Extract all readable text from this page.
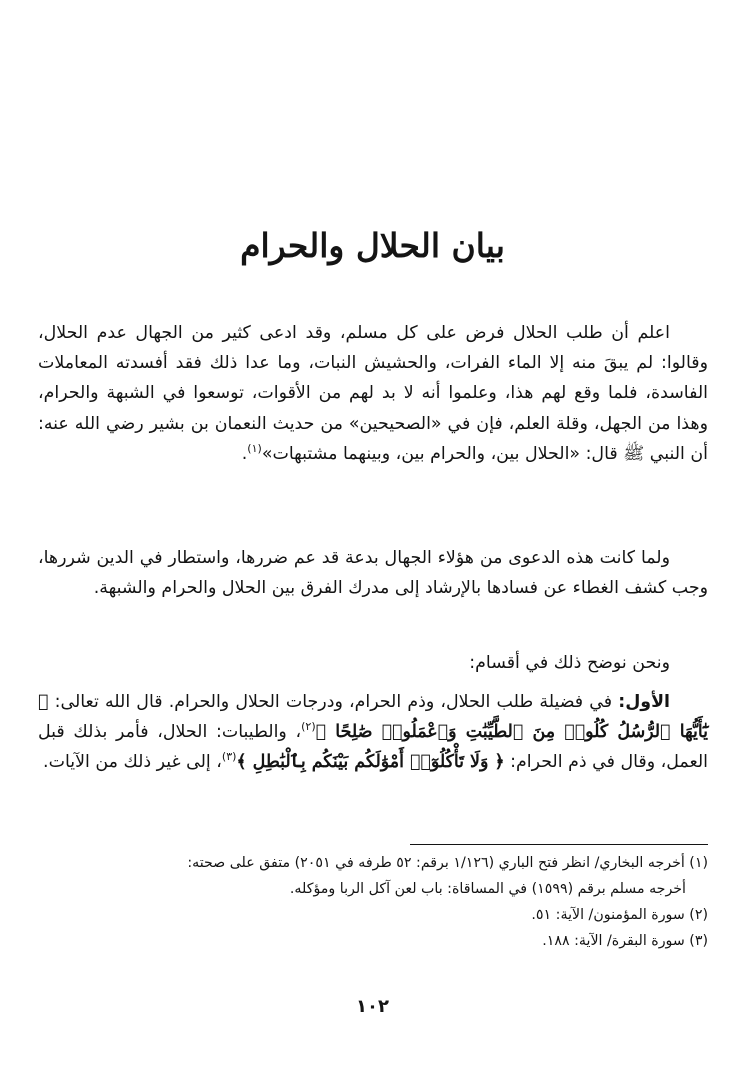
بيان الحلال والحرام

اعلم أن طلب الحلال فرض على كل مسلم، وقد ادعى كثير من الجهال عدم الحلال، وقالوا: لم يبقَ منه إلا الماء الفرات، والحشيش النبات، وما عدا ذلك فقد أفسدته المعاملات الفاسدة، فلما وقع لهم هذا، وعلموا أنه لا بد لهم من الأقوات، توسعوا في الشبهة والحرام، وهذا من الجهل، وقلة العلم، فإن في «الصحيحين» من حديث النعمان بن بشير رضي الله عنه: أن النبي ﷺ قال: «الحلال بين، والحرام بين، وبينهما مشتبهات»$^{(١)}$.

ولما كانت هذه الدعوى من هؤلاء الجهال بدعة قد عم ضررها، واستطار في الدين شررها، وجب كشف الغطاء عن فسادها بالإرشاد إلى مدرك الفرق بين الحلال والحرام والشبهة.

ونحن نوضح ذلك في أقسام:

الأول: في فضيلة طلب الحلال، وذم الحرام، ودرجات الحلال والحرام. قال الله تعالى: ﴿ يَٰٓأَيُّهَا ٱلرُّسُلُ كُلُوا۟ مِنَ ٱلطَّيِّبَٰتِ وَٱعْمَلُوا۟ صَٰلِحًا ﴾$^{(٢)}$، والطيبات: الحلال، فأمر بذلك قبل العمل، وقال في ذم الحرام: ﴿ وَلَا تَأْكُلُوٓا۟ أَمْوَٰلَكُم بَيْنَكُم بِٱلْبَٰطِلِ ﴾$^{(٣)}$، إلى غير ذلك من الآيات.

(١) أخرجه البخاري/ انظر فتح الباري (١/١٢٦ برقم: ٥٢ طرفه في ٢٠٥١) متفق على صحته:

أخرجه مسلم برقم (١٥٩٩) في المساقاة: باب لعن آكل الربا ومؤكله.

(٢) سورة المؤمنون/ الآية: ٥١.

(٣) سورة البقرة/ الآية: ١٨٨.

١٠٢
